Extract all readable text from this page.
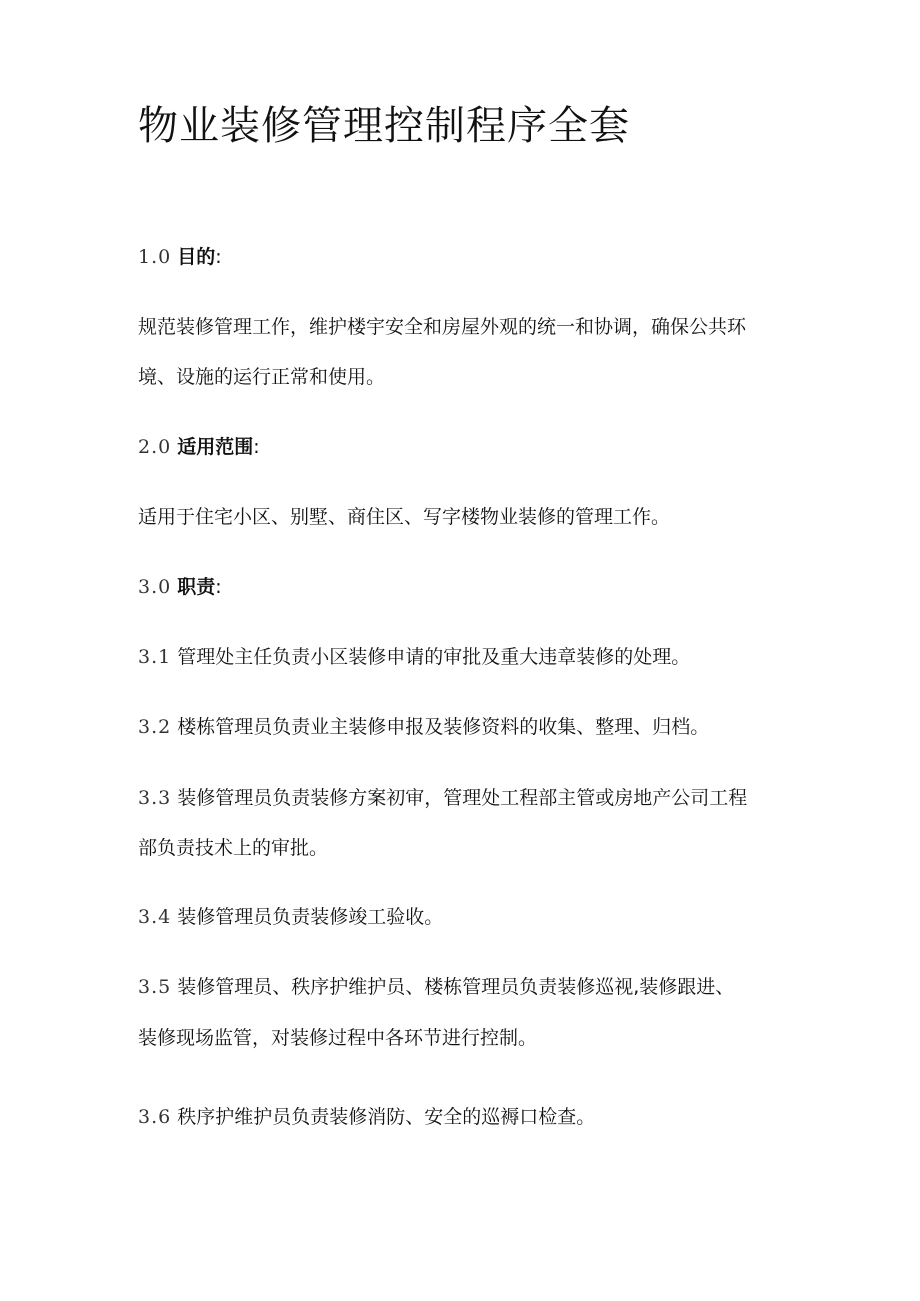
物业装修管理控制程序全套

1.0 目的:

规范装修管理工作，维护楼宇安全和房屋外观的统一和协调，确保公共环

境、设施的运行正常和使用。

2.0 适用范围:

适用于住宅小区、别墅、商住区、写字楼物业装修的管理工作。

3.0 职责:

3.1 管理处主任负责小区装修申请的审批及重大违章装修的处理。

3.2 楼栋管理员负责业主装修申报及装修资料的收集、整理、归档。

3.3 装修管理员负责装修方案初审，管理处工程部主管或房地产公司工程

部负责技术上的审批。

3.4 装修管理员负责装修竣工验收。

3.5 装修管理员、秩序护维护员、楼栋管理员负责装修巡视,装修跟进、

装修现场监管，对装修过程中各环节进行控制。

3.6 秩序护维护员负责装修消防、安全的巡褥口检查。
